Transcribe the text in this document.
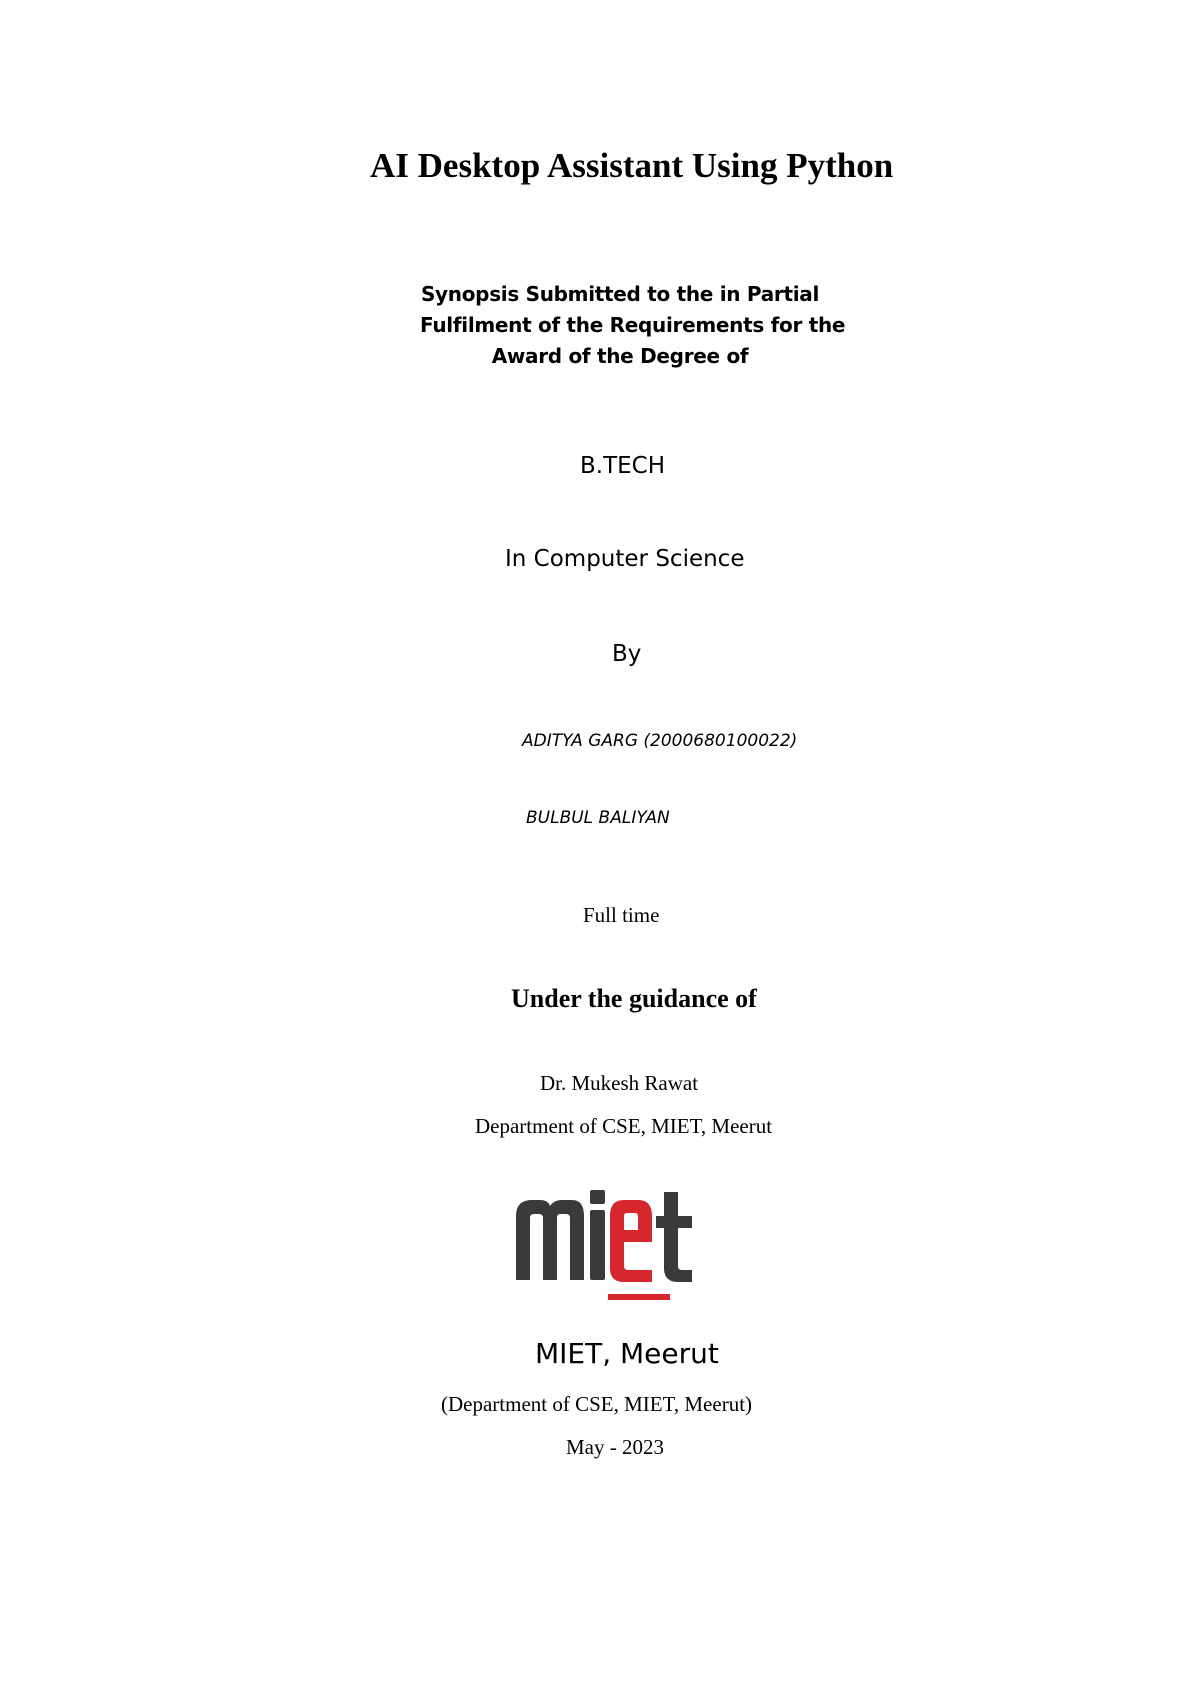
AI Desktop Assistant Using Python
Synopsis Submitted to the in Partial
Fulfilment of the Requirements for the
Award of the Degree of
B.TECH
In Computer Science
By
ADITYA GARG (2000680100022)
BULBUL BALIYAN
Full time
Under the guidance of
Dr. Mukesh Rawat
Department of CSE, MIET, Meerut
MIET, Meerut
(Department of CSE, MIET, Meerut)
May - 2023
